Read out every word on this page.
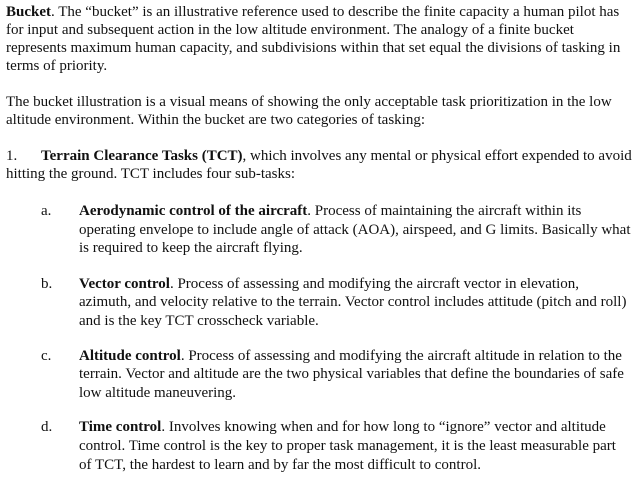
Bucket. The “bucket” is an illustrative reference used to describe the finite capacity a human pilot has for input and subsequent action in the low altitude environment. The analogy of a finite bucket represents maximum human capacity, and subdivisions within that set equal the divisions of tasking in terms of priority.

The bucket illustration is a visual means of showing the only acceptable task prioritization in the low altitude environment. Within the bucket are two categories of tasking:

1. Terrain Clearance Tasks (TCT), which involves any mental or physical effort expended to avoid hitting the ground. TCT includes four sub-tasks:

a. Aerodynamic control of the aircraft. Process of maintaining the aircraft within its operating envelope to include angle of attack (AOA), airspeed, and G limits. Basically what is required to keep the aircraft flying.

b. Vector control. Process of assessing and modifying the aircraft vector in elevation, azimuth, and velocity relative to the terrain. Vector control includes attitude (pitch and roll) and is the key TCT crosscheck variable.

c. Altitude control. Process of assessing and modifying the aircraft altitude in relation to the terrain. Vector and altitude are the two physical variables that define the boundaries of safe low altitude maneuvering.

d. Time control. Involves knowing when and for how long to “ignore” vector and altitude control. Time control is the key to proper task management, it is the least measurable part of TCT, the hardest to learn and by far the most difficult to control.
